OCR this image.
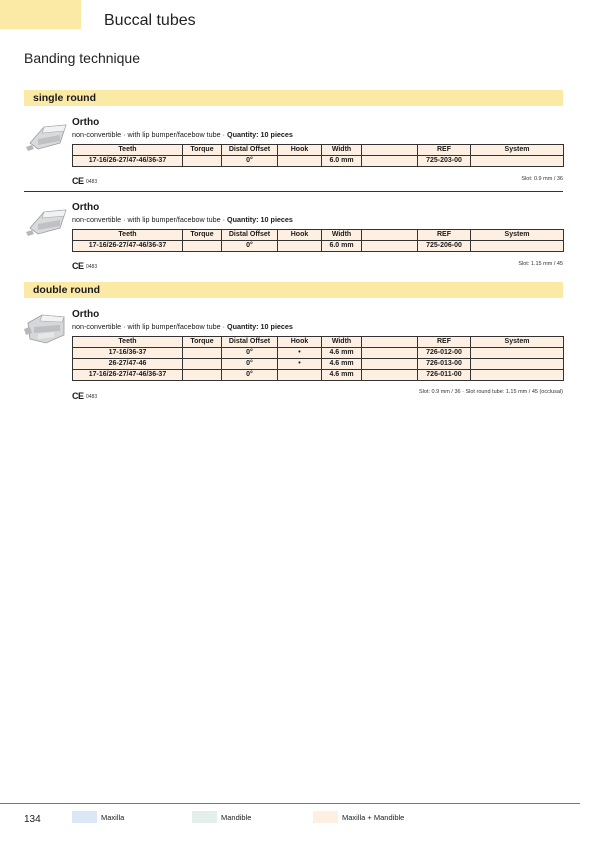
Buccal tubes
Banding technique
single round
Ortho
non-convertible · with lip bumper/facebow tube · Quantity: 10 pieces
Teeth	Torque	Distal Offset	Hook	Width		REF	System
17-16/26-27/47-46/36-37		0°		6.0 mm		725-203-00	
CE 0483	Slot: 0.9 mm / 36
Ortho
non-convertible · with lip bumper/facebow tube · Quantity: 10 pieces
Teeth	Torque	Distal Offset	Hook	Width		REF	System
17-16/26-27/47-46/36-37		0°		6.0 mm		725-206-00	
CE 0483	Slot: 1.15 mm / 45
double round
Ortho
non-convertible · with lip bumper/facebow tube · Quantity: 10 pieces
Teeth	Torque	Distal Offset	Hook	Width		REF	System
17-16/36-37		0°	•	4.6 mm		726-012-00	
26-27/47-46		0°	•	4.6 mm		726-013-00	
17-16/26-27/47-46/36-37		0°		4.6 mm		726-011-00	
CE 0483
Slot: 0.9 mm / 36 · Slot round tube: 1.15 mm / 45 (occlusal)
134	Maxilla	Mandible	Maxilla + Mandible
